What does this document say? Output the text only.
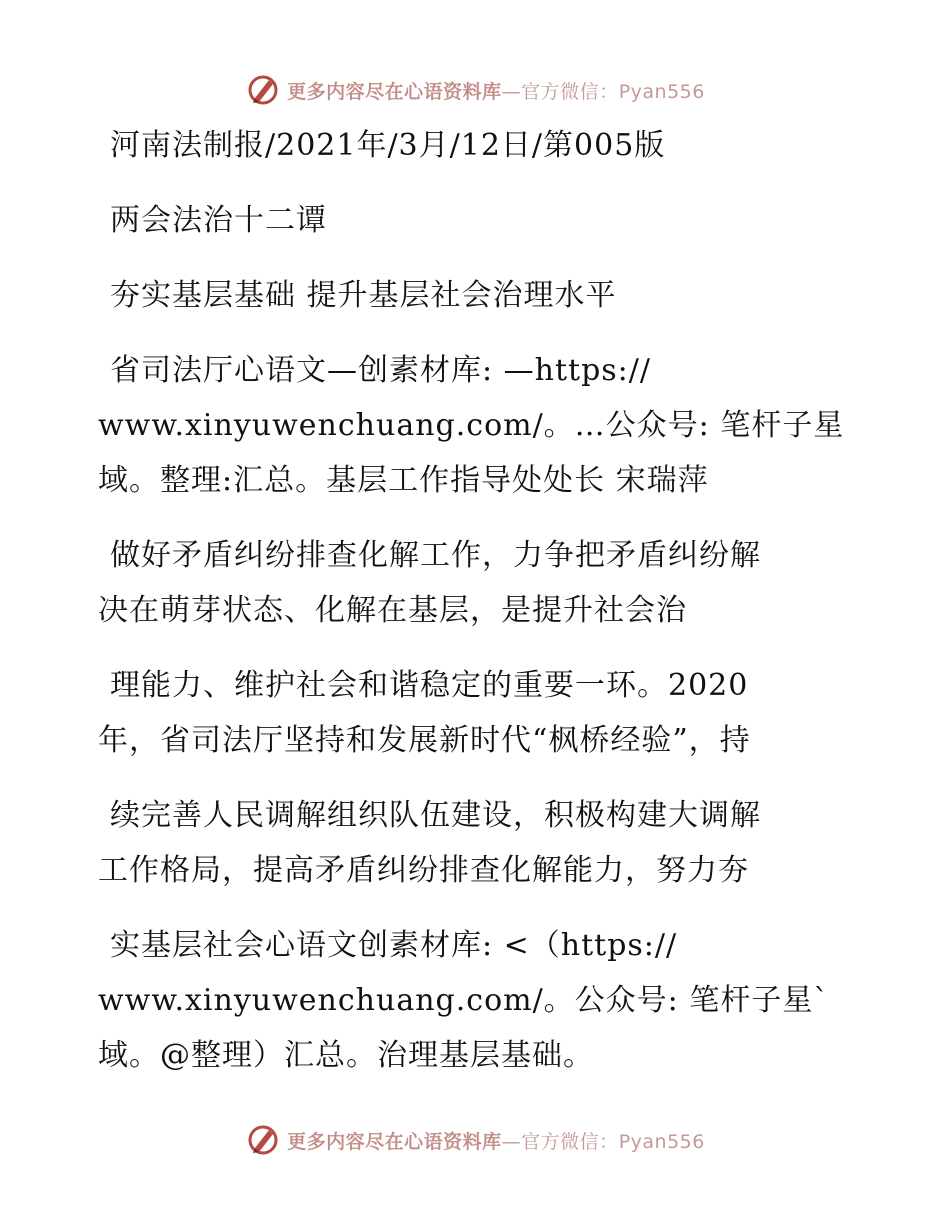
更多内容尽在心语资料库—官方微信：Pyan556
河南法制报/2021年/3月/12日/第005版
两会法治十二谭
夯实基层基础 提升基层社会治理水平
省司法厅心语文—创素材库: —https://
www.xinyuwenchuang.com/。…公众号: 笔杆子星
域。整理:汇总。基层工作指导处处长 宋瑞萍
做好矛盾纠纷排查化解工作，力争把矛盾纠纷解
决在萌芽状态、化解在基层，是提升社会治
理能力、维护社会和谐稳定的重要一环。2020
年，省司法厅坚持和发展新时代“枫桥经验”，持
续完善人民调解组织队伍建设，积极构建大调解
工作格局，提高矛盾纠纷排查化解能力，努力夯
实基层社会心语文创素材库: <（https://
www.xinyuwenchuang.com/。公众号: 笔杆子星`
域。@整理）汇总。治理基层基础。
更多内容尽在心语资料库—官方微信：Pyan556
